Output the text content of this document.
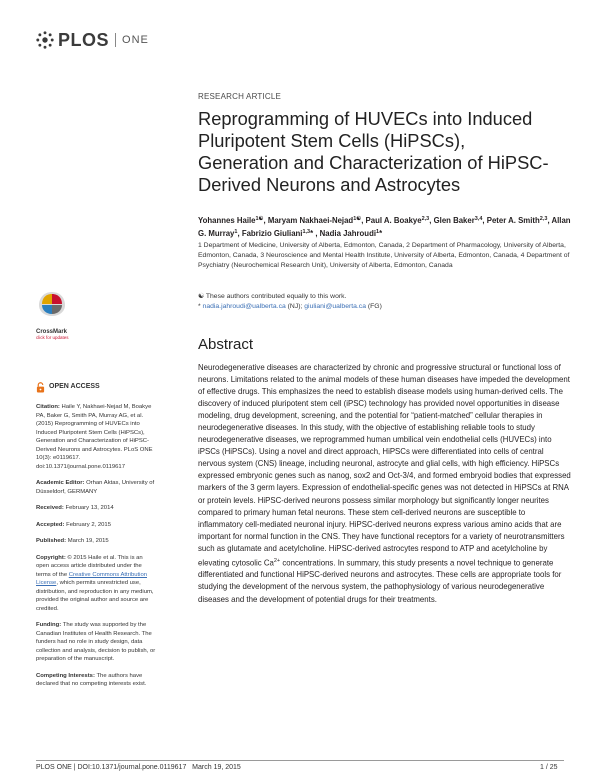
PLOS ONE
RESEARCH ARTICLE
Reprogramming of HUVECs into Induced Pluripotent Stem Cells (HiPSCs), Generation and Characterization of HiPSC-Derived Neurons and Astrocytes
Yohannes Haile$^{1☯}$, Maryam Nakhaei-Nejad$^{1☯}$, Paul A. Boakye$^{2,3}$, Glen Baker$^{3,4}$, Peter A. Smith$^{2,3}$, Allan G. Murray$^1$, Fabrizio Giuliani$^{1,3}$* , Nadia Jahroudi$^1$*
1 Department of Medicine, University of Alberta, Edmonton, Canada, 2 Department of Pharmacology, University of Alberta, Edmonton, Canada, 3 Neuroscience and Mental Health Institute, University of Alberta, Edmonton, Canada, 4 Department of Psychiatry (Neurochemical Research Unit), University of Alberta, Edmonton, Canada
☯ These authors contributed equally to this work.
* nadia.jahroudi@ualberta.ca (NJ); giuliani@ualberta.ca (FG)
CrossMark
click for updates	Abstract

Neurodegenerative diseases are characterized by chronic and progressive structural or functional loss of neurons. Limitations related to the animal models of these human diseases have impeded the development of effective drugs. This emphasizes the need to establish disease models using human-derived cells. The discovery of induced pluripotent stem cell (iPSC) technology has provided novel opportunities in disease modeling, drug development, screening, and the potential for “patient-matched” cellular therapies in neurodegenerative diseases. In this study, with the objective of establishing reliable tools to study neurodegenerative diseases, we reprogrammed human umbilical vein endothelial cells (HUVECs) into iPSCs (HiPSCs). Using a novel and direct approach, HiPSCs were differentiated into cells of central nervous system (CNS) lineage, including neuronal, astrocyte and glial cells, with high efficiency. HiPSCs expressed embryonic genes such as nanog, sox2 and Oct-3/4, and formed embryoid bodies that expressed markers of the 3 germ layers. Expression of endothelial-specific genes was not detected in HiPSCs at RNA or protein levels. HiPSC-derived neurons possess similar morphology but significantly longer neurites compared to primary human fetal neurons. These stem cell-derived neurons are susceptible to inflammatory cell-mediated neuronal injury. HiPSC-derived neurons express various amino acids that are important for normal function in the CNS. They have functional receptors for a variety of neurotransmitters such as glutamate and acetylcholine. HiPSC-derived astrocytes respond to ATP and acetylcholine by elevating cytosolic $Ca^{2+}$ concentrations. In summary, this study presents a novel technique to generate differentiated and functional HiPSC-derived neurons and astrocytes. These cells are appropriate tools for studying the development of the nervous system, the pathophysiology of various neurodegenerative diseases and the development of potential drugs for their treatments.

OPEN ACCESS
Citation: Haile Y, Nakhaei-Nejad M, Boakye PA, Baker G, Smith PA, Murray AG, et al. (2015) Reprogramming of HUVECs into Induced Pluripotent Stem Cells (HiPSCs), Generation and Characterization of HiPSC-Derived Neurons and Astrocytes. PLoS ONE 10(3): e0119617. doi:10.1371/journal.pone.0119617
Academic Editor: Orhan Aktas, University of Düsseldorf, GERMANY
Received: February 13, 2014
Accepted: February 2, 2015
Published: March 19, 2015
Copyright: © 2015 Haile et al. This is an open access article distributed under the terms of the Creative Commons Attribution License, which permits unrestricted use, distribution, and reproduction in any medium, provided the original author and source are credited.
Funding: The study was supported by the Canadian Institutes of Health Research. The funders had no role in study design, data collection and analysis, decision to publish, or preparation of the manuscript.
Competing Interests: The authors have declared that no competing interests exist.
PLOS ONE | DOI:10.1371/journal.pone.0119617   March 19, 2015	1 / 25
